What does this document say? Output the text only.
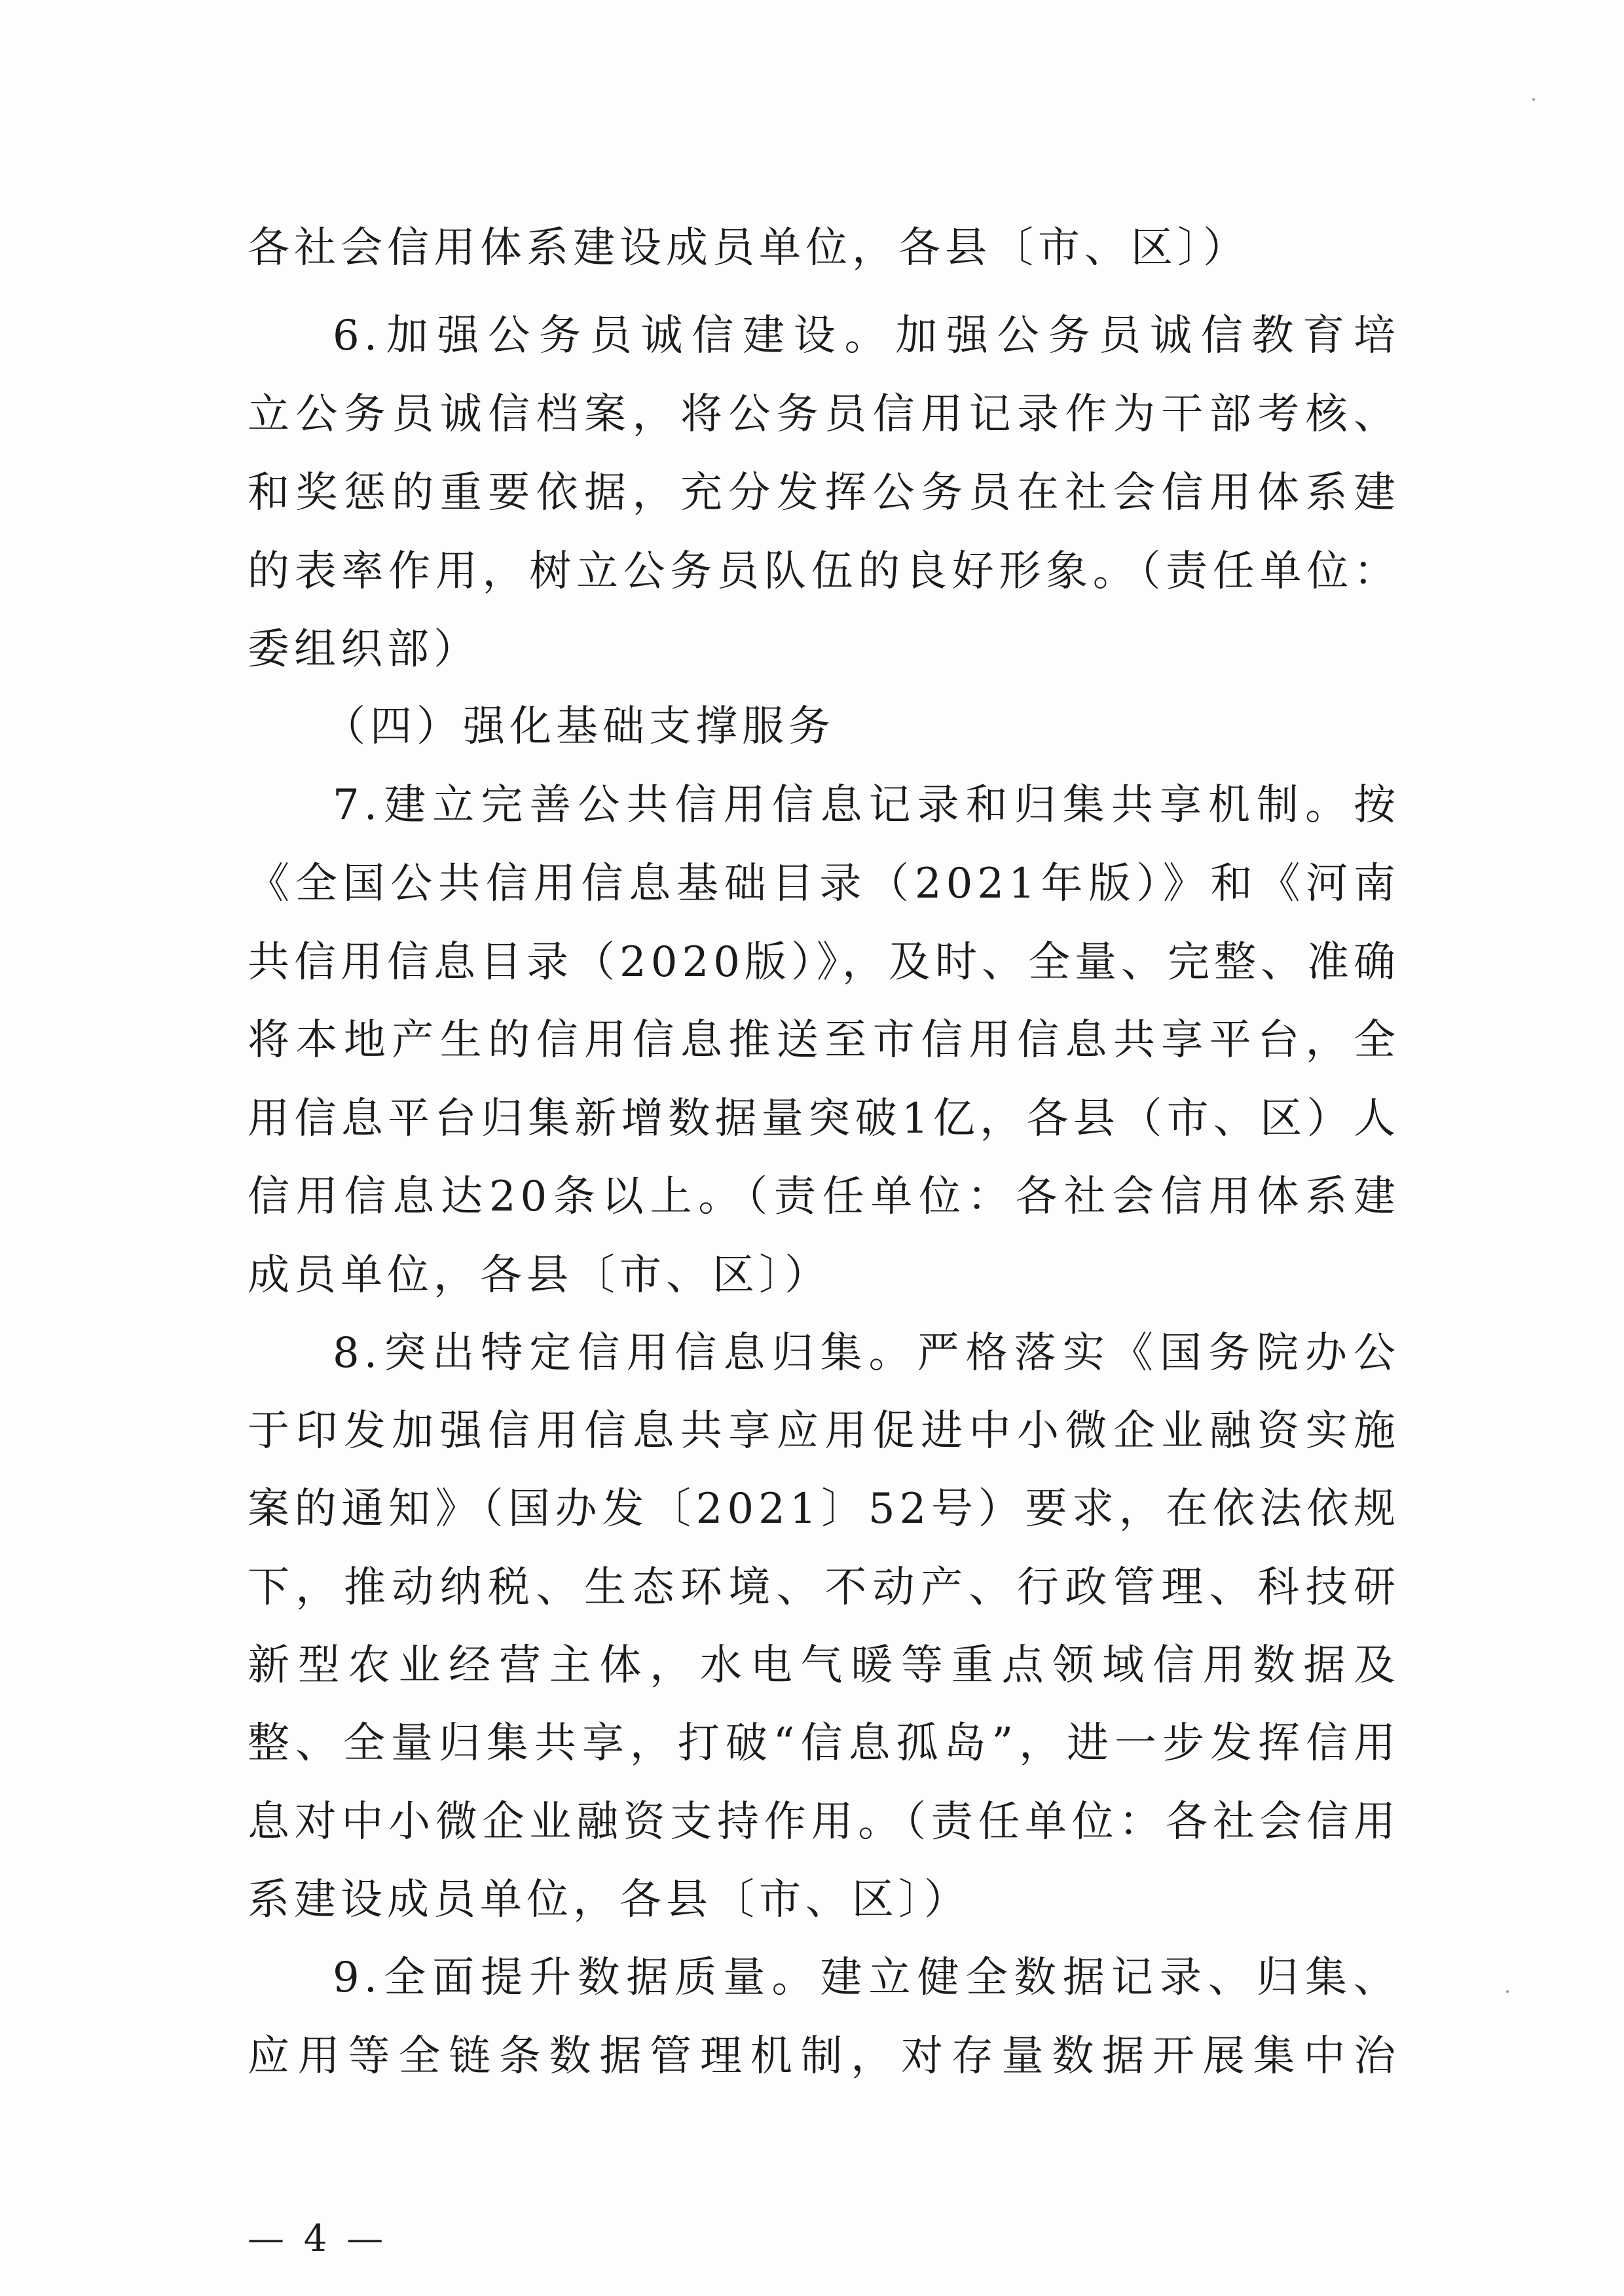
各社会信用体系建设成员单位，各县〔市、区〕）
6.加强公务员诚信建设。加强公务员诚信教育培
立公务员诚信档案，将公务员信用记录作为干部考核、
和奖惩的重要依据，充分发挥公务员在社会信用体系建
的表率作用，树立公务员队伍的良好形象。（责任单位：
委组织部）
（四）强化基础支撑服务
7.建立完善公共信用信息记录和归集共享机制。按
《全国公共信用信息基础目录（2021年版）》和《河南
共信用信息目录（2020版）》，及时、全量、完整、准确
将本地产生的信用信息推送至市信用信息共享平台，全
用信息平台归集新增数据量突破1亿，各县（市、区）人
信用信息达20条以上。（责任单位：各社会信用体系建
成员单位，各县〔市、区〕）
8.突出特定信用信息归集。严格落实《国务院办公
于印发加强信用信息共享应用促进中小微企业融资实施
案的通知》（国办发〔2021〕52号）要求，在依法依规
下，推动纳税、生态环境、不动产、行政管理、科技研
新型农业经营主体，水电气暖等重点领域信用数据及
整、全量归集共享，打破“信息孤岛”，进一步发挥信用
息对中小微企业融资支持作用。（责任单位：各社会信用
系建设成员单位，各县〔市、区〕）
9.全面提升数据质量。建立健全数据记录、归集、
应用等全链条数据管理机制，对存量数据开展集中治
— 4 —
